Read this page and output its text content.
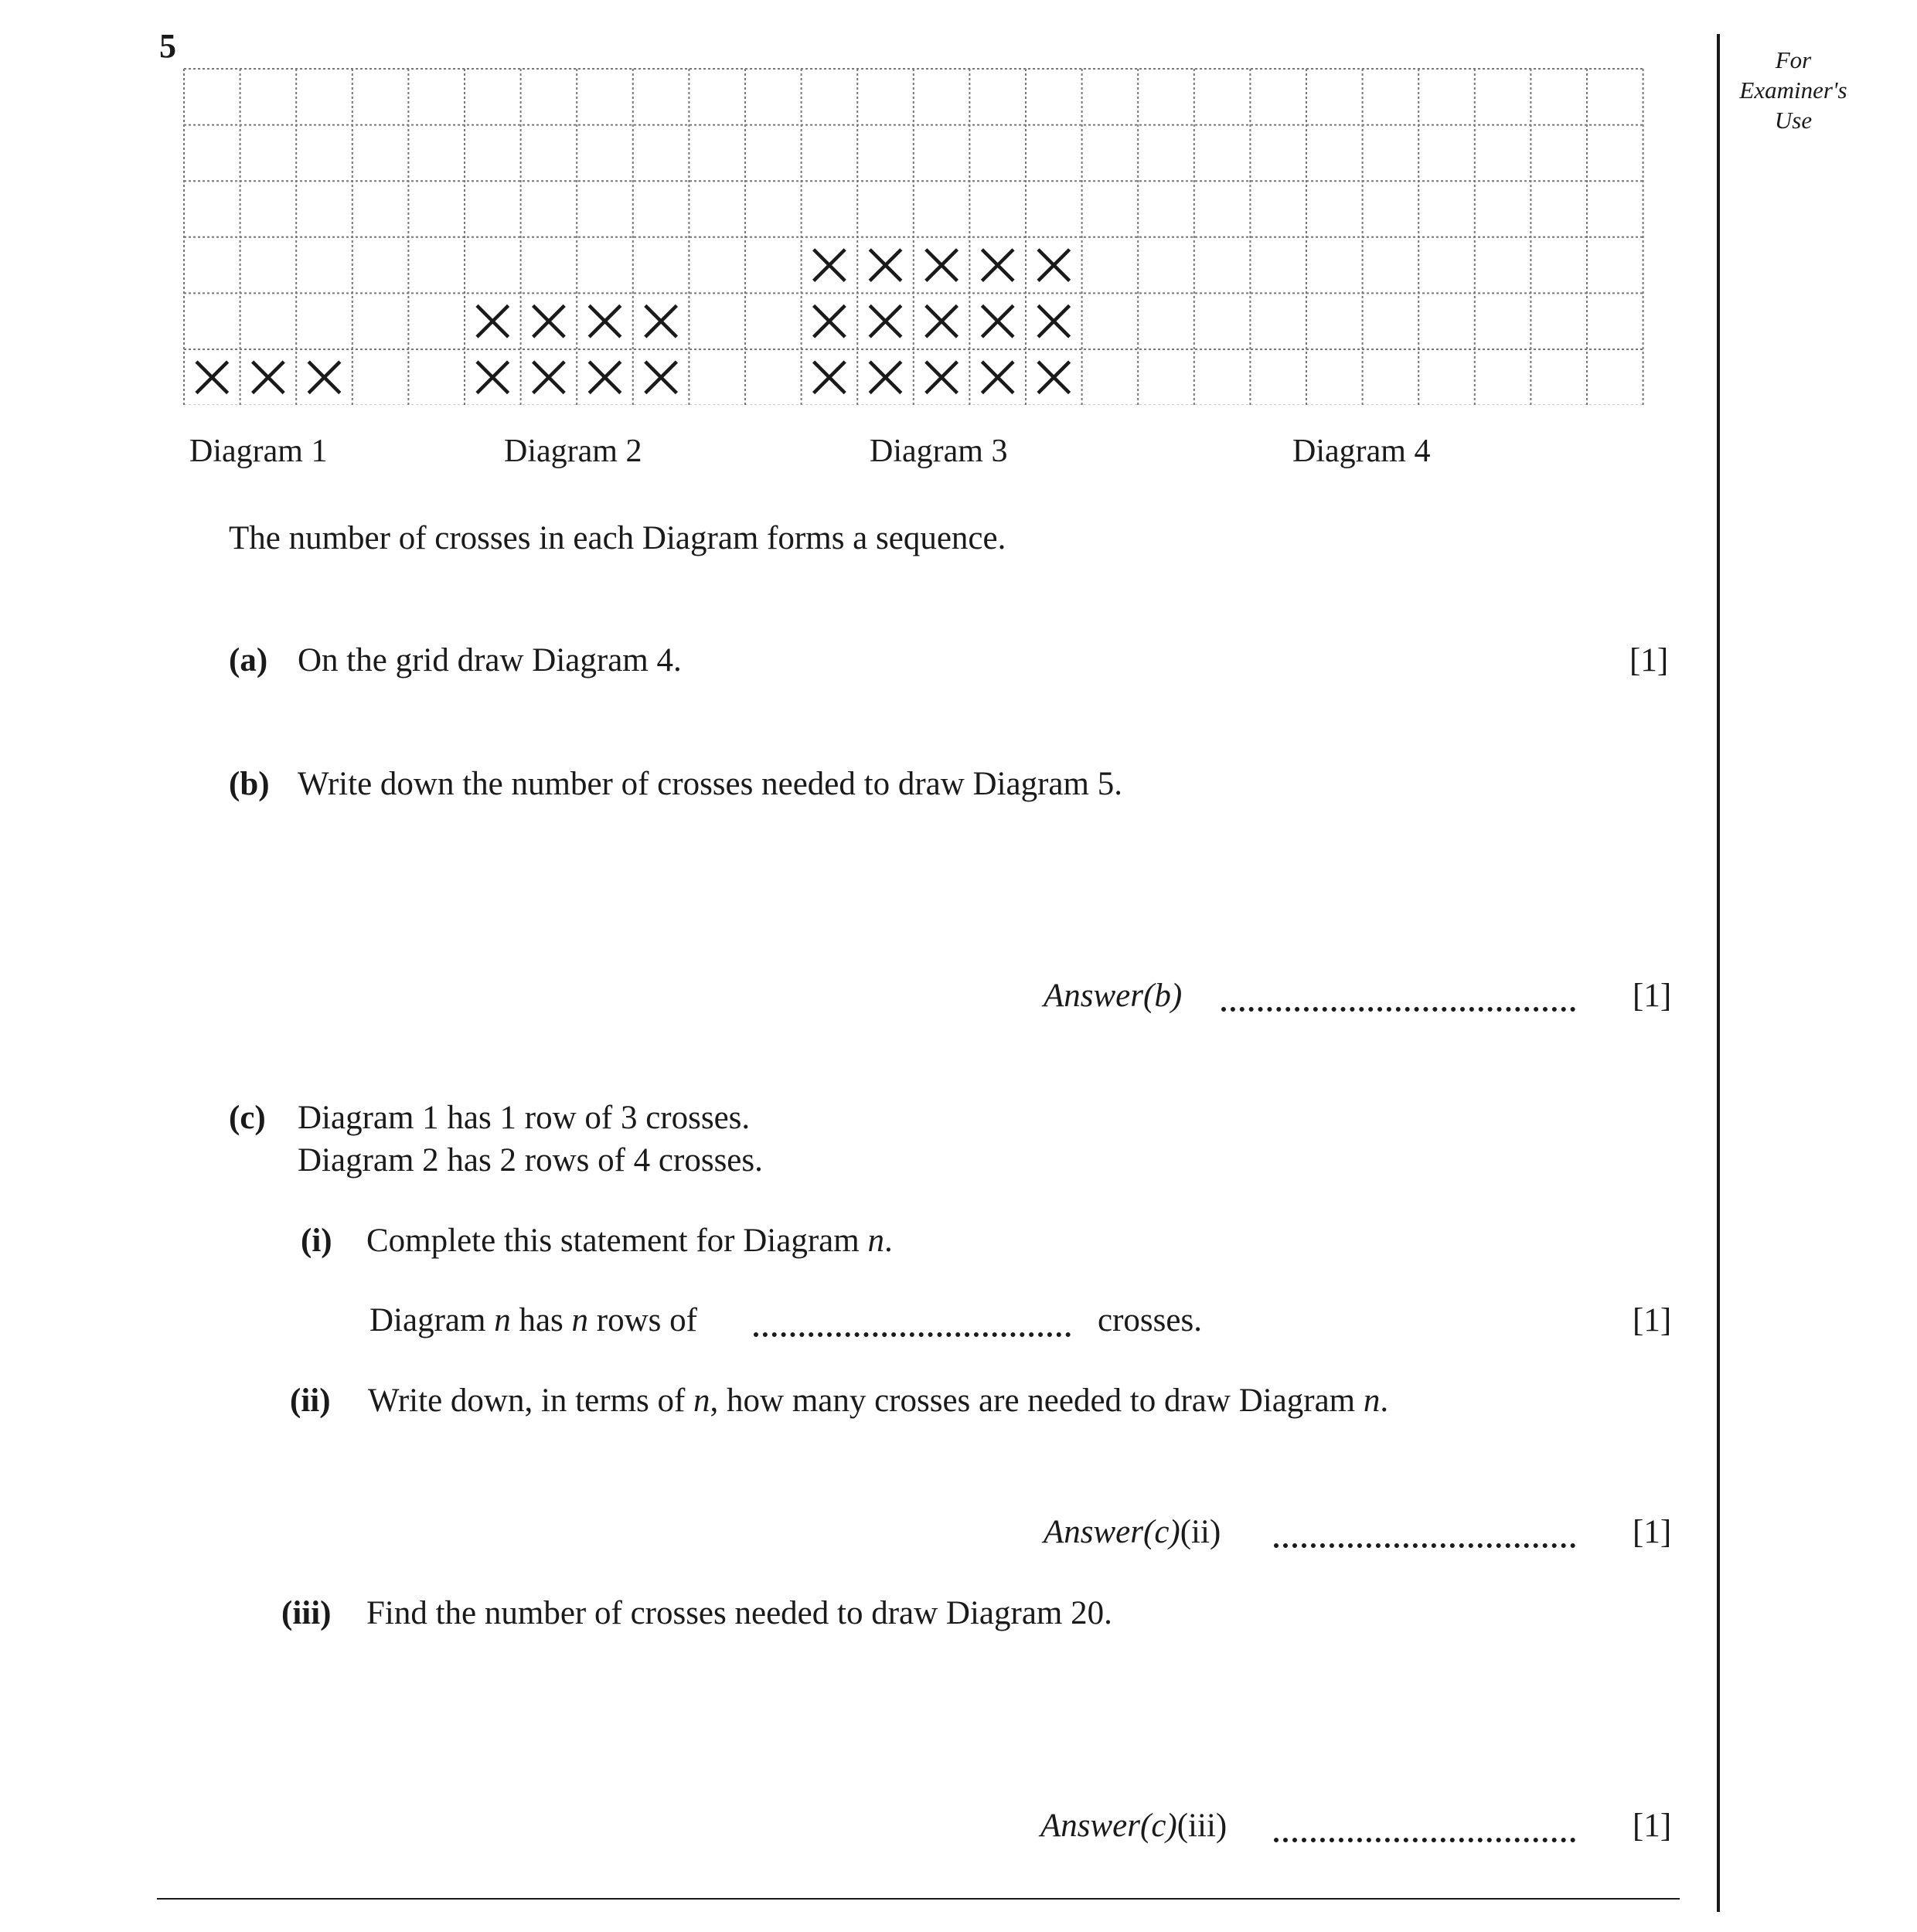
5	For
Examiner's
Use
Diagram 1	Diagram 2	Diagram 3	Diagram 4
The number of crosses in each Diagram forms a sequence.
(a) On the grid draw Diagram 4.	[1]
(b) Write down the number of crosses needed to draw Diagram 5.
Answer(b)	[1]
(c) Diagram 1 has 1 row of 3 crosses.
Diagram 2 has 2 rows of 4 crosses.
(i) Complete this statement for Diagram n.
Diagram n has n rows of	crosses.	[1]
(ii) Write down, in terms of n, how many crosses are needed to draw Diagram n.
Answer(c)(ii)	[1]
(iii) Find the number of crosses needed to draw Diagram 20.
Answer(c)(iii)	[1]
